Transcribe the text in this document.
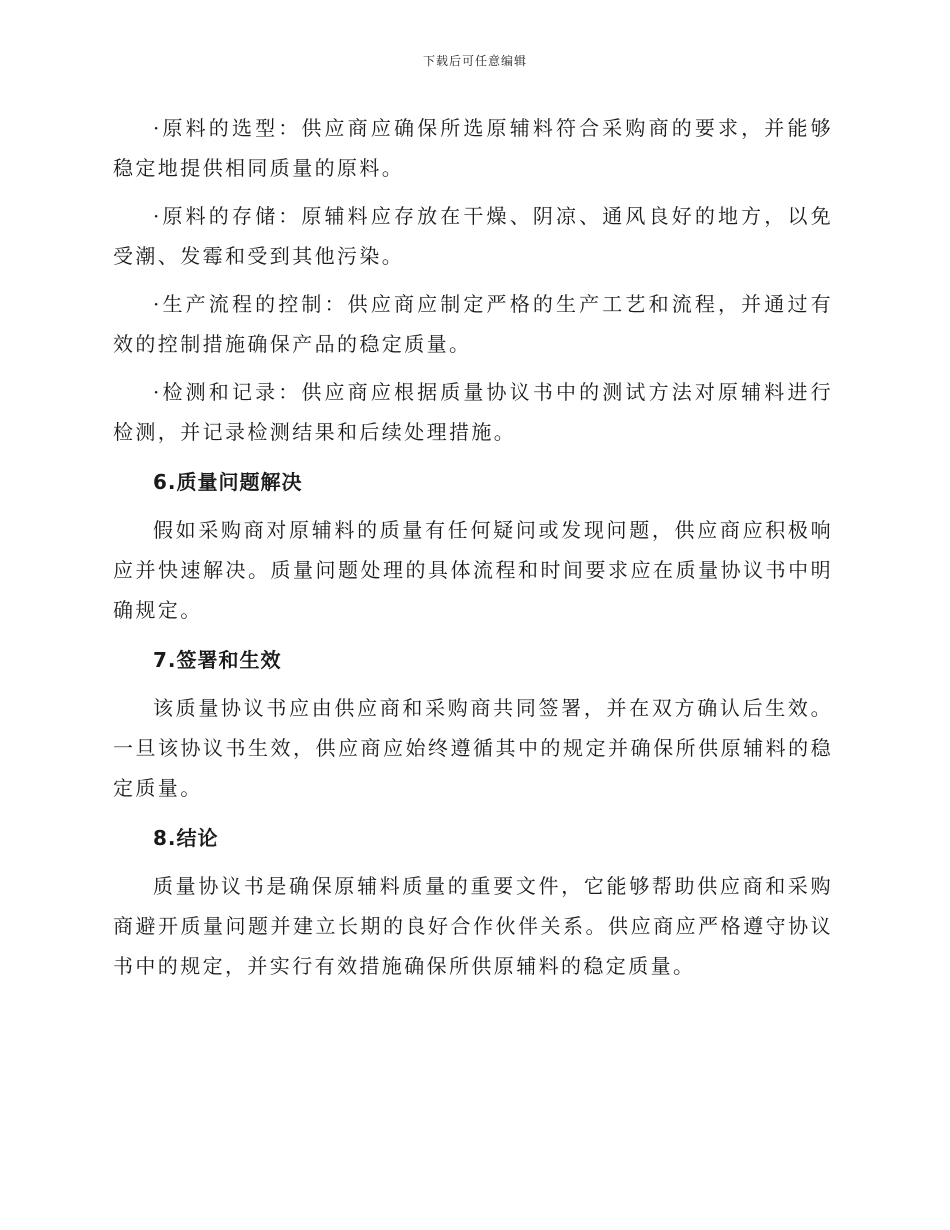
下载后可任意编辑

·原料的选型：供应商应确保所选原辅料符合采购商的要求，并能够稳定地提供相同质量的原料。

·原料的存储：原辅料应存放在干燥、阴凉、通风良好的地方，以免受潮、发霉和受到其他污染。

·生产流程的控制：供应商应制定严格的生产工艺和流程，并通过有效的控制措施确保产品的稳定质量。

·检测和记录：供应商应根据质量协议书中的测试方法对原辅料进行检测，并记录检测结果和后续处理措施。

6.质量问题解决

假如采购商对原辅料的质量有任何疑问或发现问题，供应商应积极响应并快速解决。质量问题处理的具体流程和时间要求应在质量协议书中明确规定。

7.签署和生效

该质量协议书应由供应商和采购商共同签署，并在双方确认后生效。一旦该协议书生效，供应商应始终遵循其中的规定并确保所供原辅料的稳定质量。

8.结论

质量协议书是确保原辅料质量的重要文件，它能够帮助供应商和采购商避开质量问题并建立长期的良好合作伙伴关系。供应商应严格遵守协议书中的规定，并实行有效措施确保所供原辅料的稳定质量。
